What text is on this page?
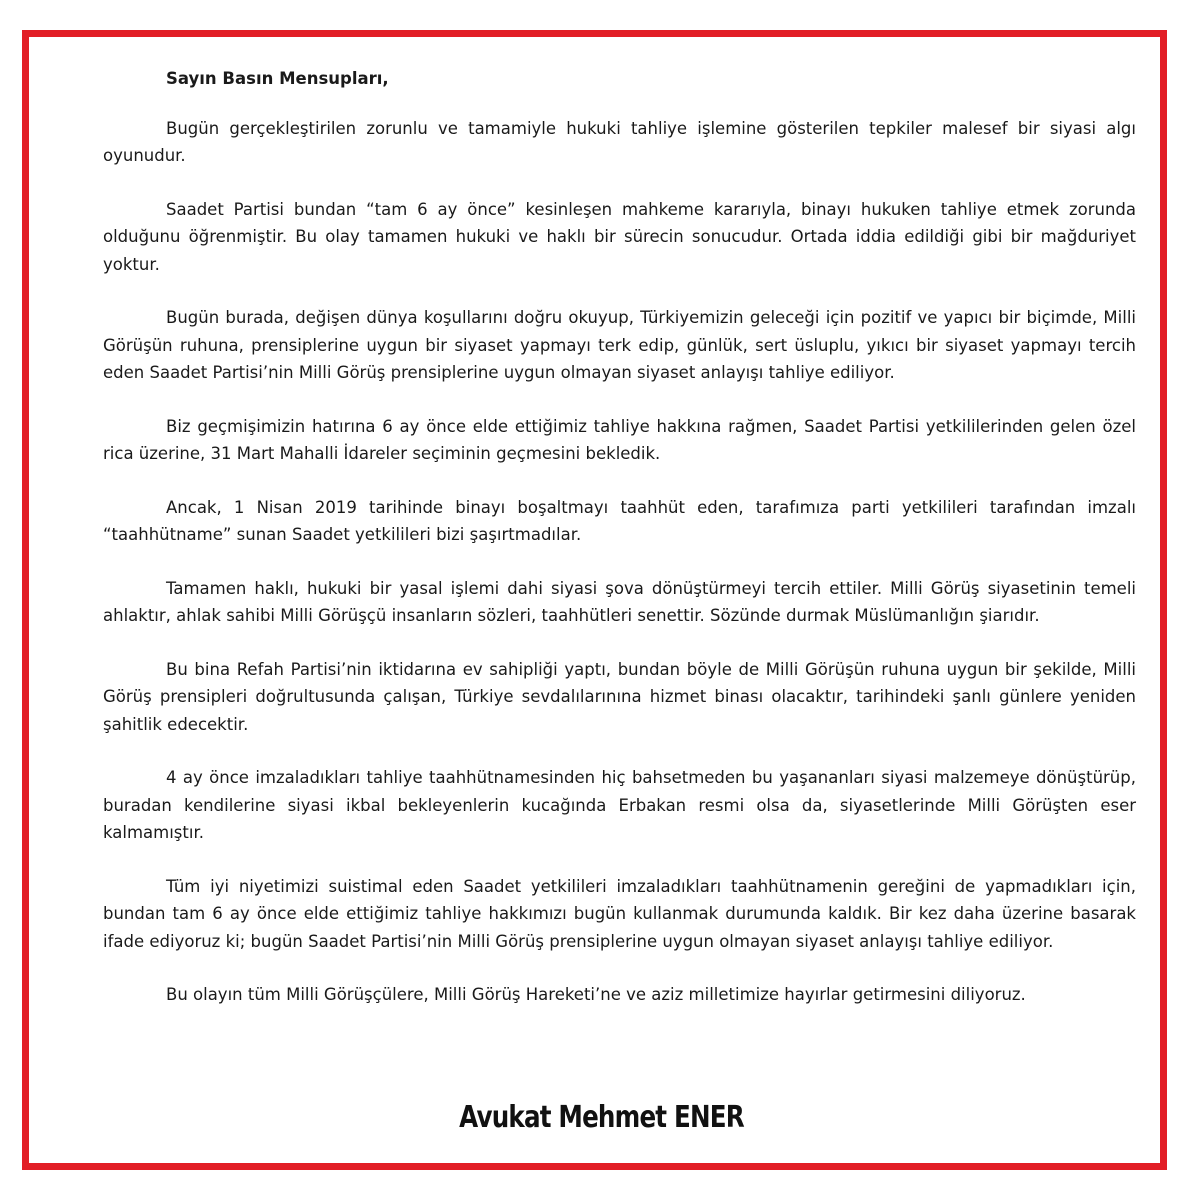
Sayın Basın Mensupları,

Bugün gerçekleştirilen zorunlu ve tamamiyle hukuki tahliye işlemine gösterilen tepkiler malesef bir siyasi algı oyunudur.

Saadet Partisi bundan “tam 6 ay önce” kesinleşen mahkeme kararıyla, binayı hukuken tahliye etmek zorunda olduğunu öğrenmiştir. Bu olay tamamen hukuki ve haklı bir sürecin sonucudur. Ortada iddia edildiği gibi bir mağduriyet yoktur.

Bugün burada, değişen dünya koşullarını doğru okuyup, Türkiyemizin geleceği için pozitif ve yapıcı bir biçimde, Milli Görüşün ruhuna, prensiplerine uygun bir siyaset yapmayı terk edip, günlük, sert üsluplu, yıkıcı bir siyaset yapmayı tercih eden Saadet Partisi’nin Milli Görüş prensiplerine uygun olmayan siyaset anlayışı tahliye ediliyor.

Biz geçmişimizin hatırına 6 ay önce elde ettiğimiz tahliye hakkına rağmen, Saadet Partisi yetkililerinden gelen özel rica üzerine, 31 Mart Mahalli İdareler seçiminin geçmesini bekledik.

Ancak, 1 Nisan 2019 tarihinde binayı boşaltmayı taahhüt eden, tarafımıza parti yetkilileri tarafından imzalı “taahhütname” sunan Saadet yetkilileri bizi şaşırtmadılar.

Tamamen haklı, hukuki bir yasal işlemi dahi siyasi şova dönüştürmeyi tercih ettiler. Milli Görüş siyasetinin temeli ahlaktır, ahlak sahibi Milli Görüşçü insanların sözleri, taahhütleri senettir. Sözünde durmak Müslümanlığın şiarıdır.

Bu bina Refah Partisi’nin iktidarına ev sahipliği yaptı, bundan böyle de Milli Görüşün ruhuna uygun bir şekilde, Milli Görüş prensipleri doğrultusunda çalışan, Türkiye sevdalılarınına hizmet binası olacaktır, tarihindeki şanlı günlere yeniden şahitlik edecektir.

4 ay önce imzaladıkları tahliye taahhütnamesinden hiç bahsetmeden bu yaşananları siyasi malzemeye dönüştürüp, buradan kendilerine siyasi ikbal bekleyenlerin kucağında Erbakan resmi olsa da, siyasetlerinde Milli Görüşten eser kalmamıştır.

Tüm iyi niyetimizi suistimal eden Saadet yetkilileri imzaladıkları taahhütnamenin gereğini de yapmadıkları için, bundan tam 6 ay önce elde ettiğimiz tahliye hakkımızı bugün kullanmak durumunda kaldık. Bir kez daha üzerine basarak ifade ediyoruz ki; bugün Saadet Partisi’nin Milli Görüş prensiplerine uygun olmayan siyaset anlayışı tahliye ediliyor.

Bu olayın tüm Milli Görüşçülere, Milli Görüş Hareketi’ne ve aziz milletimize hayırlar getirmesini diliyoruz.

Avukat Mehmet ENER
